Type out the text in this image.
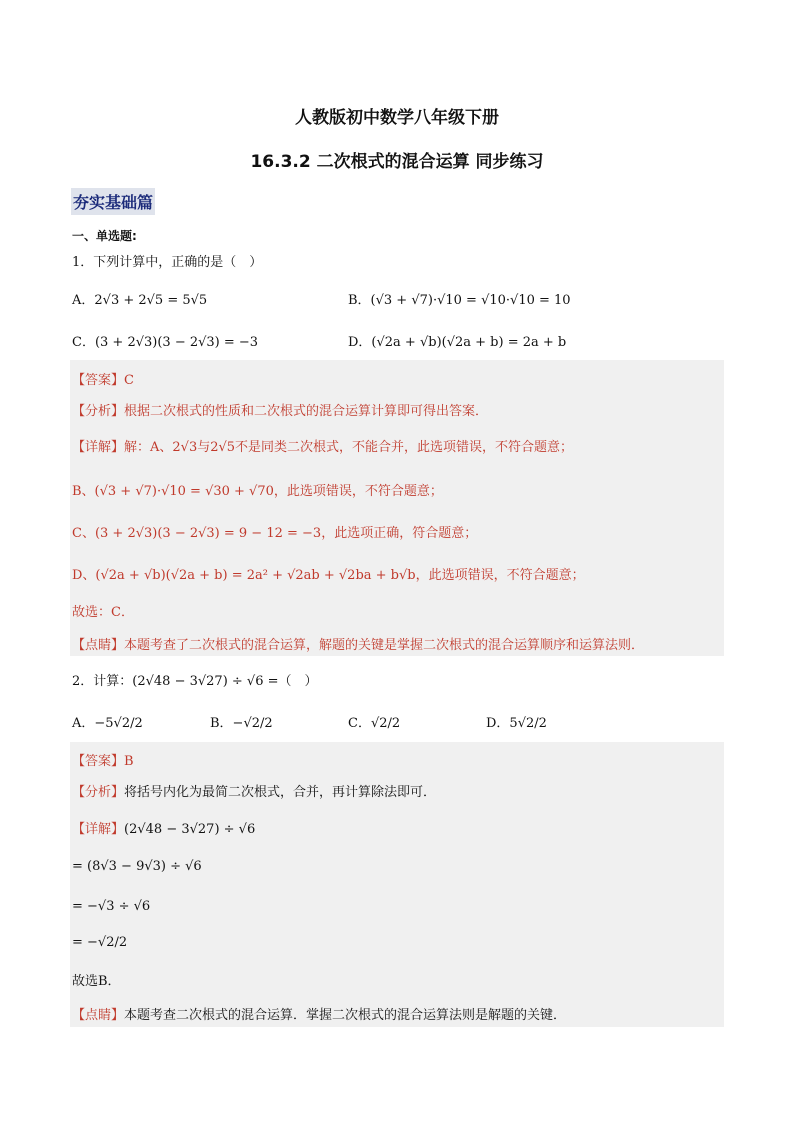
人教版初中数学八年级下册
16.3.2 二次根式的混合运算 同步练习
夯实基础篇
一、单选题:
1．下列计算中，正确的是（　）
A．2√3 + 2√5 = 5√5	B．(√3 + √7)·√10 = √10·√10 = 10
C．(3 + 2√3)(3 − 2√3) = −3	D．(√2a + √b)(√2a + b) = 2a + b
【答案】C
【分析】根据二次根式的性质和二次根式的混合运算计算即可得出答案．
【详解】解：A、2√3与2√5不是同类二次根式，不能合并，此选项错误，不符合题意；
B、(√3 + √7)·√10 = √30 + √70，此选项错误，不符合题意；
C、(3 + 2√3)(3 − 2√3) = 9 − 12 = −3，此选项正确，符合题意；
D、(√2a + √b)(√2a + b) = 2a² + √2ab + √2ba + b√b，此选项错误，不符合题意；
故选：C．
【点睛】本题考查了二次根式的混合运算，解题的关键是掌握二次根式的混合运算顺序和运算法则．
2．计算：(2√48 − 3√27) ÷ √6 =（　）
A．−5√2/2	B．−√2/2	C．√2/2	D．5√2/2
【答案】B
【分析】将括号内化为最简二次根式，合并，再计算除法即可．
【详解】(2√48 − 3√27) ÷ √6
= (8√3 − 9√3) ÷ √6
= −√3 ÷ √6
= −√2/2
故选B．
【点睛】本题考查二次根式的混合运算．掌握二次根式的混合运算法则是解题的关键．
